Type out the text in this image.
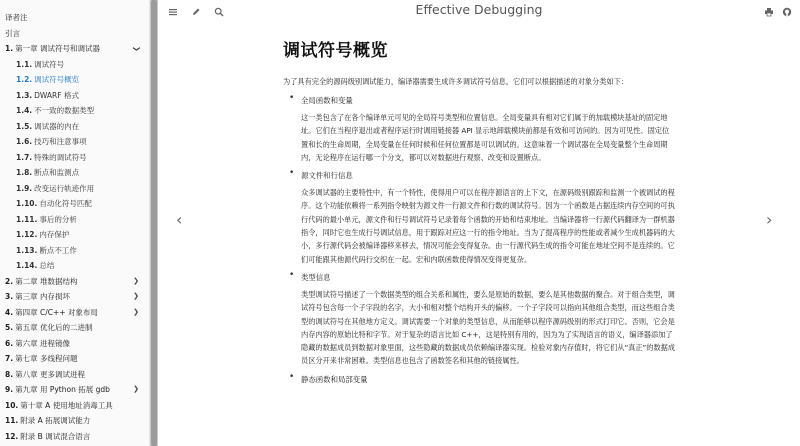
译者注
引言
1. 第一章 调试符号和调试器	❯
1.1. 调试符号
1.2. 调试符号概览
1.3. DWARF 格式
1.4. 不一致的数据类型
1.5. 调试器的内在
1.6. 技巧和注意事项
1.7. 特殊的调试符号
1.8. 断点和监测点
1.9. 改变运行轨迹作用
1.10. 自动化符号匹配
1.11. 事后的分析
1.12. 内存保护
1.13. 断点不工作
1.14. 总结
2. 第二章 堆数据结构	❯
3. 第三章 内存损坏	❯
4. 第四章 C/C++ 对象布局	❯
5. 第五章 优化后的二进制
6. 第六章 进程镜像
7. 第七章 多线程问题
8. 第八章 更多调试进程
9. 第九章 用 Python 拓展 gdb	❯
10. 第十章 A 使用地址消毒工具
11. 附录 A 拓展调试能力
12. 附录 B 调试混合语言
Effective Debugging
‹	›
调试符号概览

为了具有完全的源码级别调试能力，编译器需要生成许多调试符号信息，它们可以根据描述的对象分类如下：

• 全局函数和变量

这一类包含了在各个编译单元可见的全局符号类型和位置信息。全局变量具有相对它们属于的加载模块基址的固定地址。它们在当程序退出或者程序运行时调用链接器 API 显示地卸载模块前都是有效和可访问的。因为可见性、固定位置和长的生命周期，全局变量在任何时候和任何位置都是可以调试的。这意味着一个调试器在全局变量整个生命周期内，无论程序在运行哪一个分支，都可以对数据进行观察、改变和设置断点。

• 源文件和行信息

众多调试器的主要特性中，有一个特性，使得用户可以在程序源语言的上下文，在源码级别跟踪和监测一个被调试的程序。这个功能依赖将一系列指令映射为源文件一行源文件和行数的调试符号。因为一个函数是占据连续内存空间的可执行代码的最小单元，源文件和行号调试符号记录着每个函数的开始和结束地址。当编译器将一行源代码翻译为一群机器指令，同时它也生成行号调试信息，用于跟踪对应这一行的指令地址。当为了提高程序的性能或者减少生成机器码的大小，多行源代码会被编译器移来移去，情况可能会变得复杂。由一行源代码生成的指令可能在地址空间不是连续的。它们可能跟其他源代码行交织在一起。宏和内联函数使得情况变得更复杂。

• 类型信息

类型调试符号描述了一个数据类型的组合关系和属性，要么是原始的数据，要么是其他数据的聚合。对于组合类型，调试符号包含每一个子字段的名字，大小和相对整个结构开头的偏移。一个子字段可以指向其他组合类型，而这些组合类型的调试符号在其他地方定义。调试需要一个对象的类型信息，从而能够以程序源码级别的形式打印它。否则，它会是内存内容的原始比特和字节。对于复杂的语言比如 C++，这是特别有用的，因为为了实现语言的语义，编译器添加了隐藏的数据成员到数据对象里面，这些隐藏的数据成员依赖编译器实现。检验对象内存值时，将它们从“真正”的数据成员区分开来非常困难。类型信息也包含了函数签名和其他的链接属性。

• 静态函数和局部变量
